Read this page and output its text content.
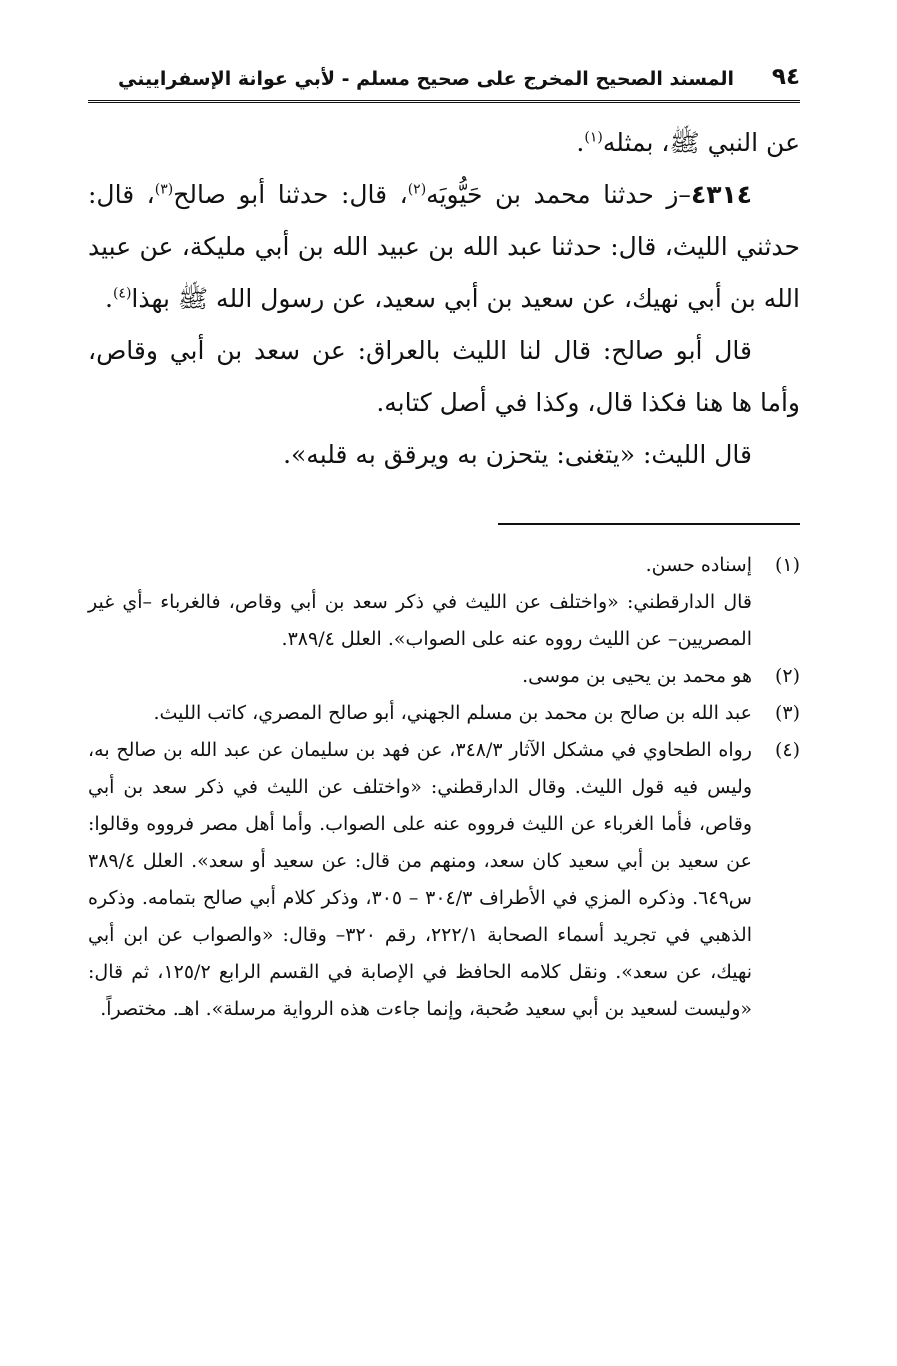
٩٤
المسند الصحيح المخرج على صحيح مسلم - لأبي عوانة الإسفراييني

عن النبي ﷺ، بمثله$^{(١)}$.

٤٣١٤–ز حدثنا محمد بن حَيُّويَه$^{(٢)}$، قال: حدثنا أبو صالح$^{(٣)}$، قال: حدثني الليث، قال: حدثنا عبد الله بن عبيد الله بن أبي مليكة، عن عبيد الله بن أبي نهيك، عن سعيد بن أبي سعيد، عن رسول الله ﷺ بهذا$^{(٤)}$.

قال أبو صالح: قال لنا الليث بالعراق: عن سعد بن أبي وقاص، وأما ها هنا فكذا قال، وكذا في أصل كتابه.

قال الليث: «يتغنى: يتحزن به ويرقق به قلبه».

(١)
إسناده حسن.
قال الدارقطني: «واختلف عن الليث في ذكر سعد بن أبي وقاص، فالغرباء –أي غير المصريين– عن الليث رووه عنه على الصواب». العلل ٣٨٩/٤.
(٢)
هو محمد بن يحيى بن موسى.
(٣)
عبد الله بن صالح بن محمد بن مسلم الجهني، أبو صالح المصري، كاتب الليث.
(٤)
رواه الطحاوي في مشكل الآثار ٣٤٨/٣، عن فهد بن سليمان عن عبد الله بن صالح به، وليس فيه قول الليث. وقال الدارقطني: «واختلف عن الليث في ذكر سعد بن أبي وقاص، فأما الغرباء عن الليث فرووه عنه على الصواب. وأما أهل مصر فرووه وقالوا: عن سعيد بن أبي سعيد كان سعد، ومنهم من قال: عن سعيد أو سعد». العلل ٣٨٩/٤ س٦٤٩. وذكره المزي في الأطراف ٣٠٤/٣ – ٣٠٥، وذكر كلام أبي صالح بتمامه. وذكره الذهبي في تجريد أسماء الصحابة ٢٢٢/١، رقم ٣٢٠– وقال: «والصواب عن ابن أبي نهيك، عن سعد». ونقل كلامه الحافظ في الإصابة في القسم الرابع ١٢٥/٢، ثم قال: «وليست لسعيد بن أبي سعيد صُحبة، وإنما جاءت هذه الرواية مرسلة». اهـ. مختصراً.
